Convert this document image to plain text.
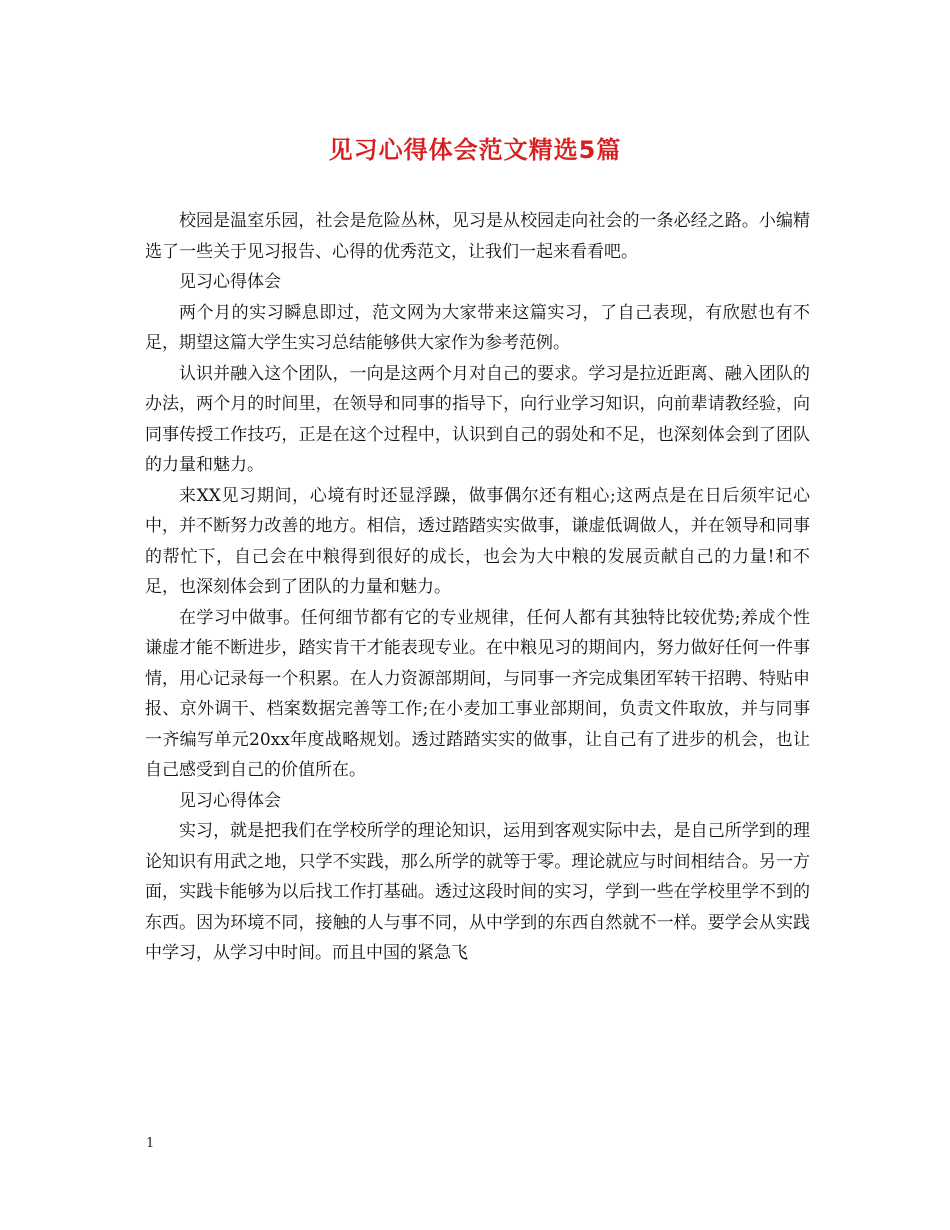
见习心得体会范文精选5篇

校园是温室乐园，社会是危险丛林，见习是从校园走向社会的一条必经之路。小编精选了一些关于见习报告、心得的优秀范文，让我们一起来看看吧。

见习心得体会

两个月的实习瞬息即过，范文网为大家带来这篇实习，了自己表现，有欣慰也有不足，期望这篇大学生实习总结能够供大家作为参考范例。

认识并融入这个团队，一向是这两个月对自己的要求。学习是拉近距离、融入团队的办法，两个月的时间里，在领导和同事的指导下，向行业学习知识，向前辈请教经验，向同事传授工作技巧，正是在这个过程中，认识到自己的弱处和不足，也深刻体会到了团队的力量和魅力。

来XX见习期间，心境有时还显浮躁，做事偶尔还有粗心;这两点是在日后须牢记心中，并不断努力改善的地方。相信，透过踏踏实实做事，谦虚低调做人，并在领导和同事的帮忙下，自己会在中粮得到很好的成长，也会为大中粮的发展贡献自己的力量!和不足，也深刻体会到了团队的力量和魅力。

在学习中做事。任何细节都有它的专业规律，任何人都有其独特比较优势;养成个性谦虚才能不断进步，踏实肯干才能表现专业。在中粮见习的期间内，努力做好任何一件事情，用心记录每一个积累。在人力资源部期间，与同事一齐完成集团军转干招聘、特贴申报、京外调干、档案数据完善等工作;在小麦加工事业部期间，负责文件取放，并与同事一齐编写单元20xx年度战略规划。透过踏踏实实的做事，让自己有了进步的机会，也让自己感受到自己的价值所在。

见习心得体会

实习，就是把我们在学校所学的理论知识，运用到客观实际中去，是自己所学到的理论知识有用武之地，只学不实践，那么所学的就等于零。理论就应与时间相结合。另一方面，实践卡能够为以后找工作打基础。透过这段时间的实习，学到一些在学校里学不到的东西。因为环境不同，接触的人与事不同，从中学到的东西自然就不一样。要学会从实践中学习，从学习中时间。而且中国的紧急飞

1
